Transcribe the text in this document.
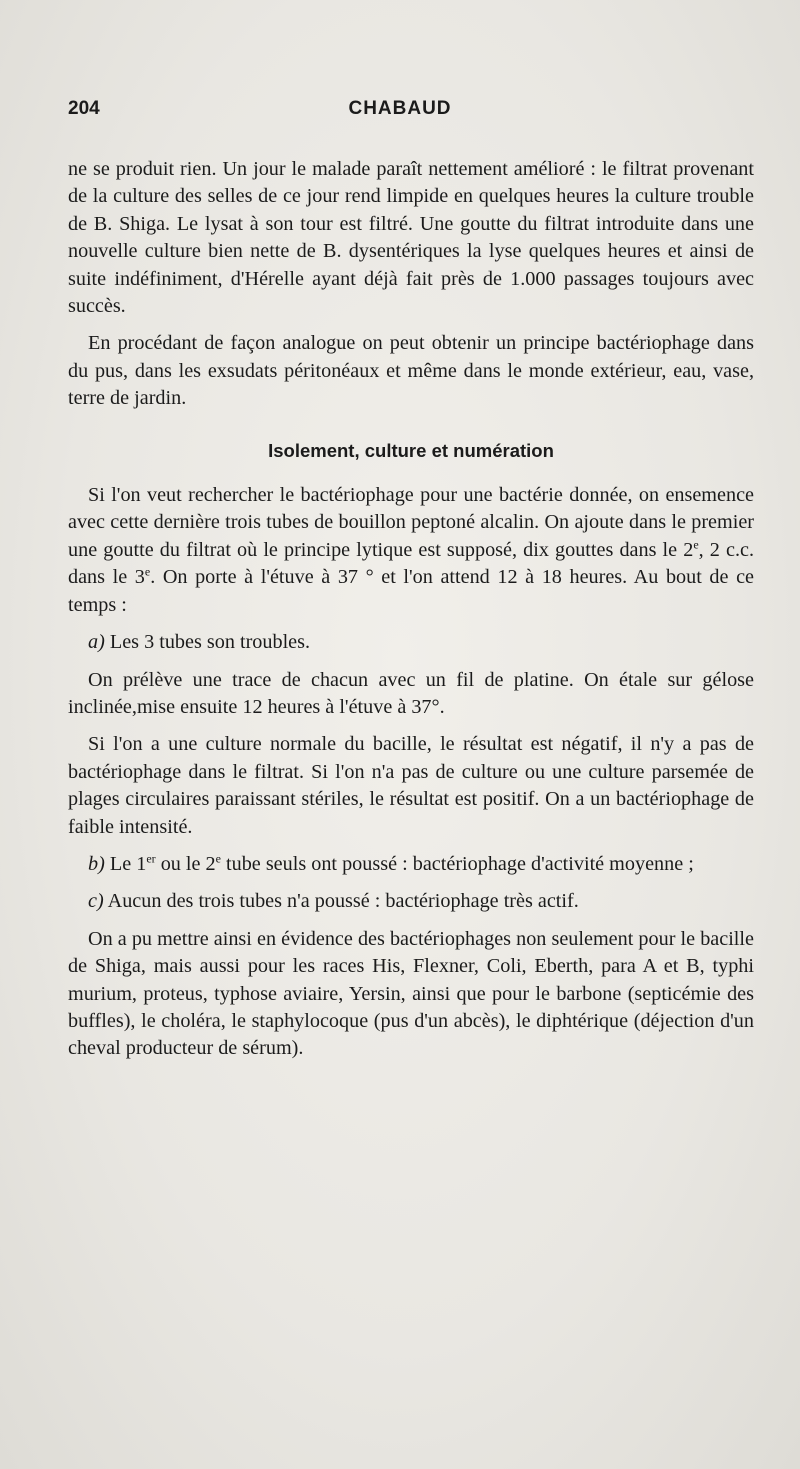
204	CHABAUD

ne se produit rien. Un jour le malade paraît nettement amélioré : le filtrat provenant de la culture des selles de ce jour rend limpide en quelques heures la culture trouble de B. Shiga. Le lysat à son tour est filtré. Une goutte du filtrat introduite dans une nouvelle culture bien nette de B. dysentériques la lyse quelques heures et ainsi de suite indéfiniment, d'Hérelle ayant déjà fait près de 1.000 passages toujours avec succès.

En procédant de façon analogue on peut obtenir un principe bactériophage dans du pus, dans les exsudats péritonéaux et même dans le monde extérieur, eau, vase, terre de jardin.

Isolement, culture et numération

Si l'on veut rechercher le bactériophage pour une bactérie donnée, on ensemence avec cette dernière trois tubes de bouillon peptoné alcalin. On ajoute dans le premier une goutte du filtrat où le principe lytique est supposé, dix gouttes dans le 2e, 2 c.c. dans le 3e. On porte à l'étuve à 37 ° et l'on attend 12 à 18 heures. Au bout de ce temps :

a) Les 3 tubes son troubles.

On prélève une trace de chacun avec un fil de platine. On étale sur gélose inclinée,mise ensuite 12 heures à l'étuve à 37°.

Si l'on a une culture normale du bacille, le résultat est négatif, il n'y a pas de bactériophage dans le filtrat. Si l'on n'a pas de culture ou une culture parsemée de plages circulaires paraissant stériles, le résultat est positif. On a un bactériophage de faible intensité.

b) Le 1er ou le 2e tube seuls ont poussé : bactériophage d'activité moyenne ;

c) Aucun des trois tubes n'a poussé : bactériophage très actif.

On a pu mettre ainsi en évidence des bactériophages non seulement pour le bacille de Shiga, mais aussi pour les races His, Flexner, Coli, Eberth, para A et B, typhi murium, proteus, typhose aviaire, Yersin, ainsi que pour le barbone (septicémie des buffles), le choléra, le staphylocoque (pus d'un abcès), le diphtérique (déjection d'un cheval producteur de sérum).
